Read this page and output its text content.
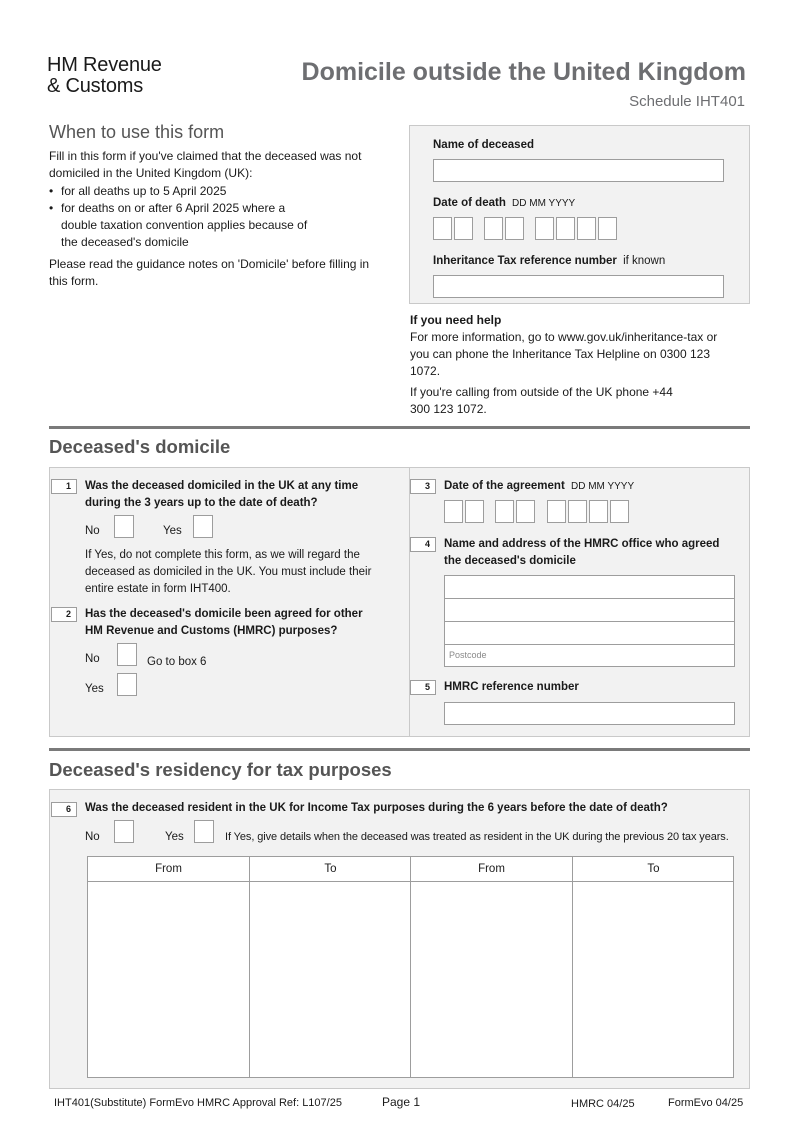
HM Revenue
& Customs	Domicile outside the United Kingdom
Schedule IHT401
When to use this form

Fill in this form if you've claimed that the deceased was not domiciled in the United Kingdom (UK):

• for all deaths up to 5 April 2025
• for deaths on or after 6 April 2025 where a double taxation convention applies because of the deceased's domicile

Please read the guidance notes on 'Domicile' before filling in this form.

Name of deceased
Date of death DD MM YYYY
Inheritance Tax reference number if known
If you need help
For more information, go to www.gov.uk/inheritance-tax or you can phone the Inheritance Tax Helpline on 0300 123 1072.
If you're calling from outside of the UK phone +44 300 123 1072.
Deceased's domicile
1	Was the deceased domiciled in the UK at any time during the 3 years up to the date of death?
No	Yes
If Yes, do not complete this form, as we will regard the deceased as domiciled in the UK. You must include their entire estate in form IHT400.
2	Has the deceased's domicile been agreed for other HM Revenue and Customs (HMRC) purposes?
No	Go to box 6
Yes
3	Date of the agreement DD MM YYYY
4	Name and address of the HMRC office who agreed the deceased's domicile
Postcode
5	HMRC reference number
Deceased's residency for tax purposes
6	Was the deceased resident in the UK for Income Tax purposes during the 6 years before the date of death?
No	Yes	If Yes, give details when the deceased was treated as resident in the UK during the previous 20 tax years.
From	To	From	To
IHT401(Substitute) FormEvo HMRC Approval Ref: L107/25	Page 1	HMRC 04/25	FormEvo 04/25
